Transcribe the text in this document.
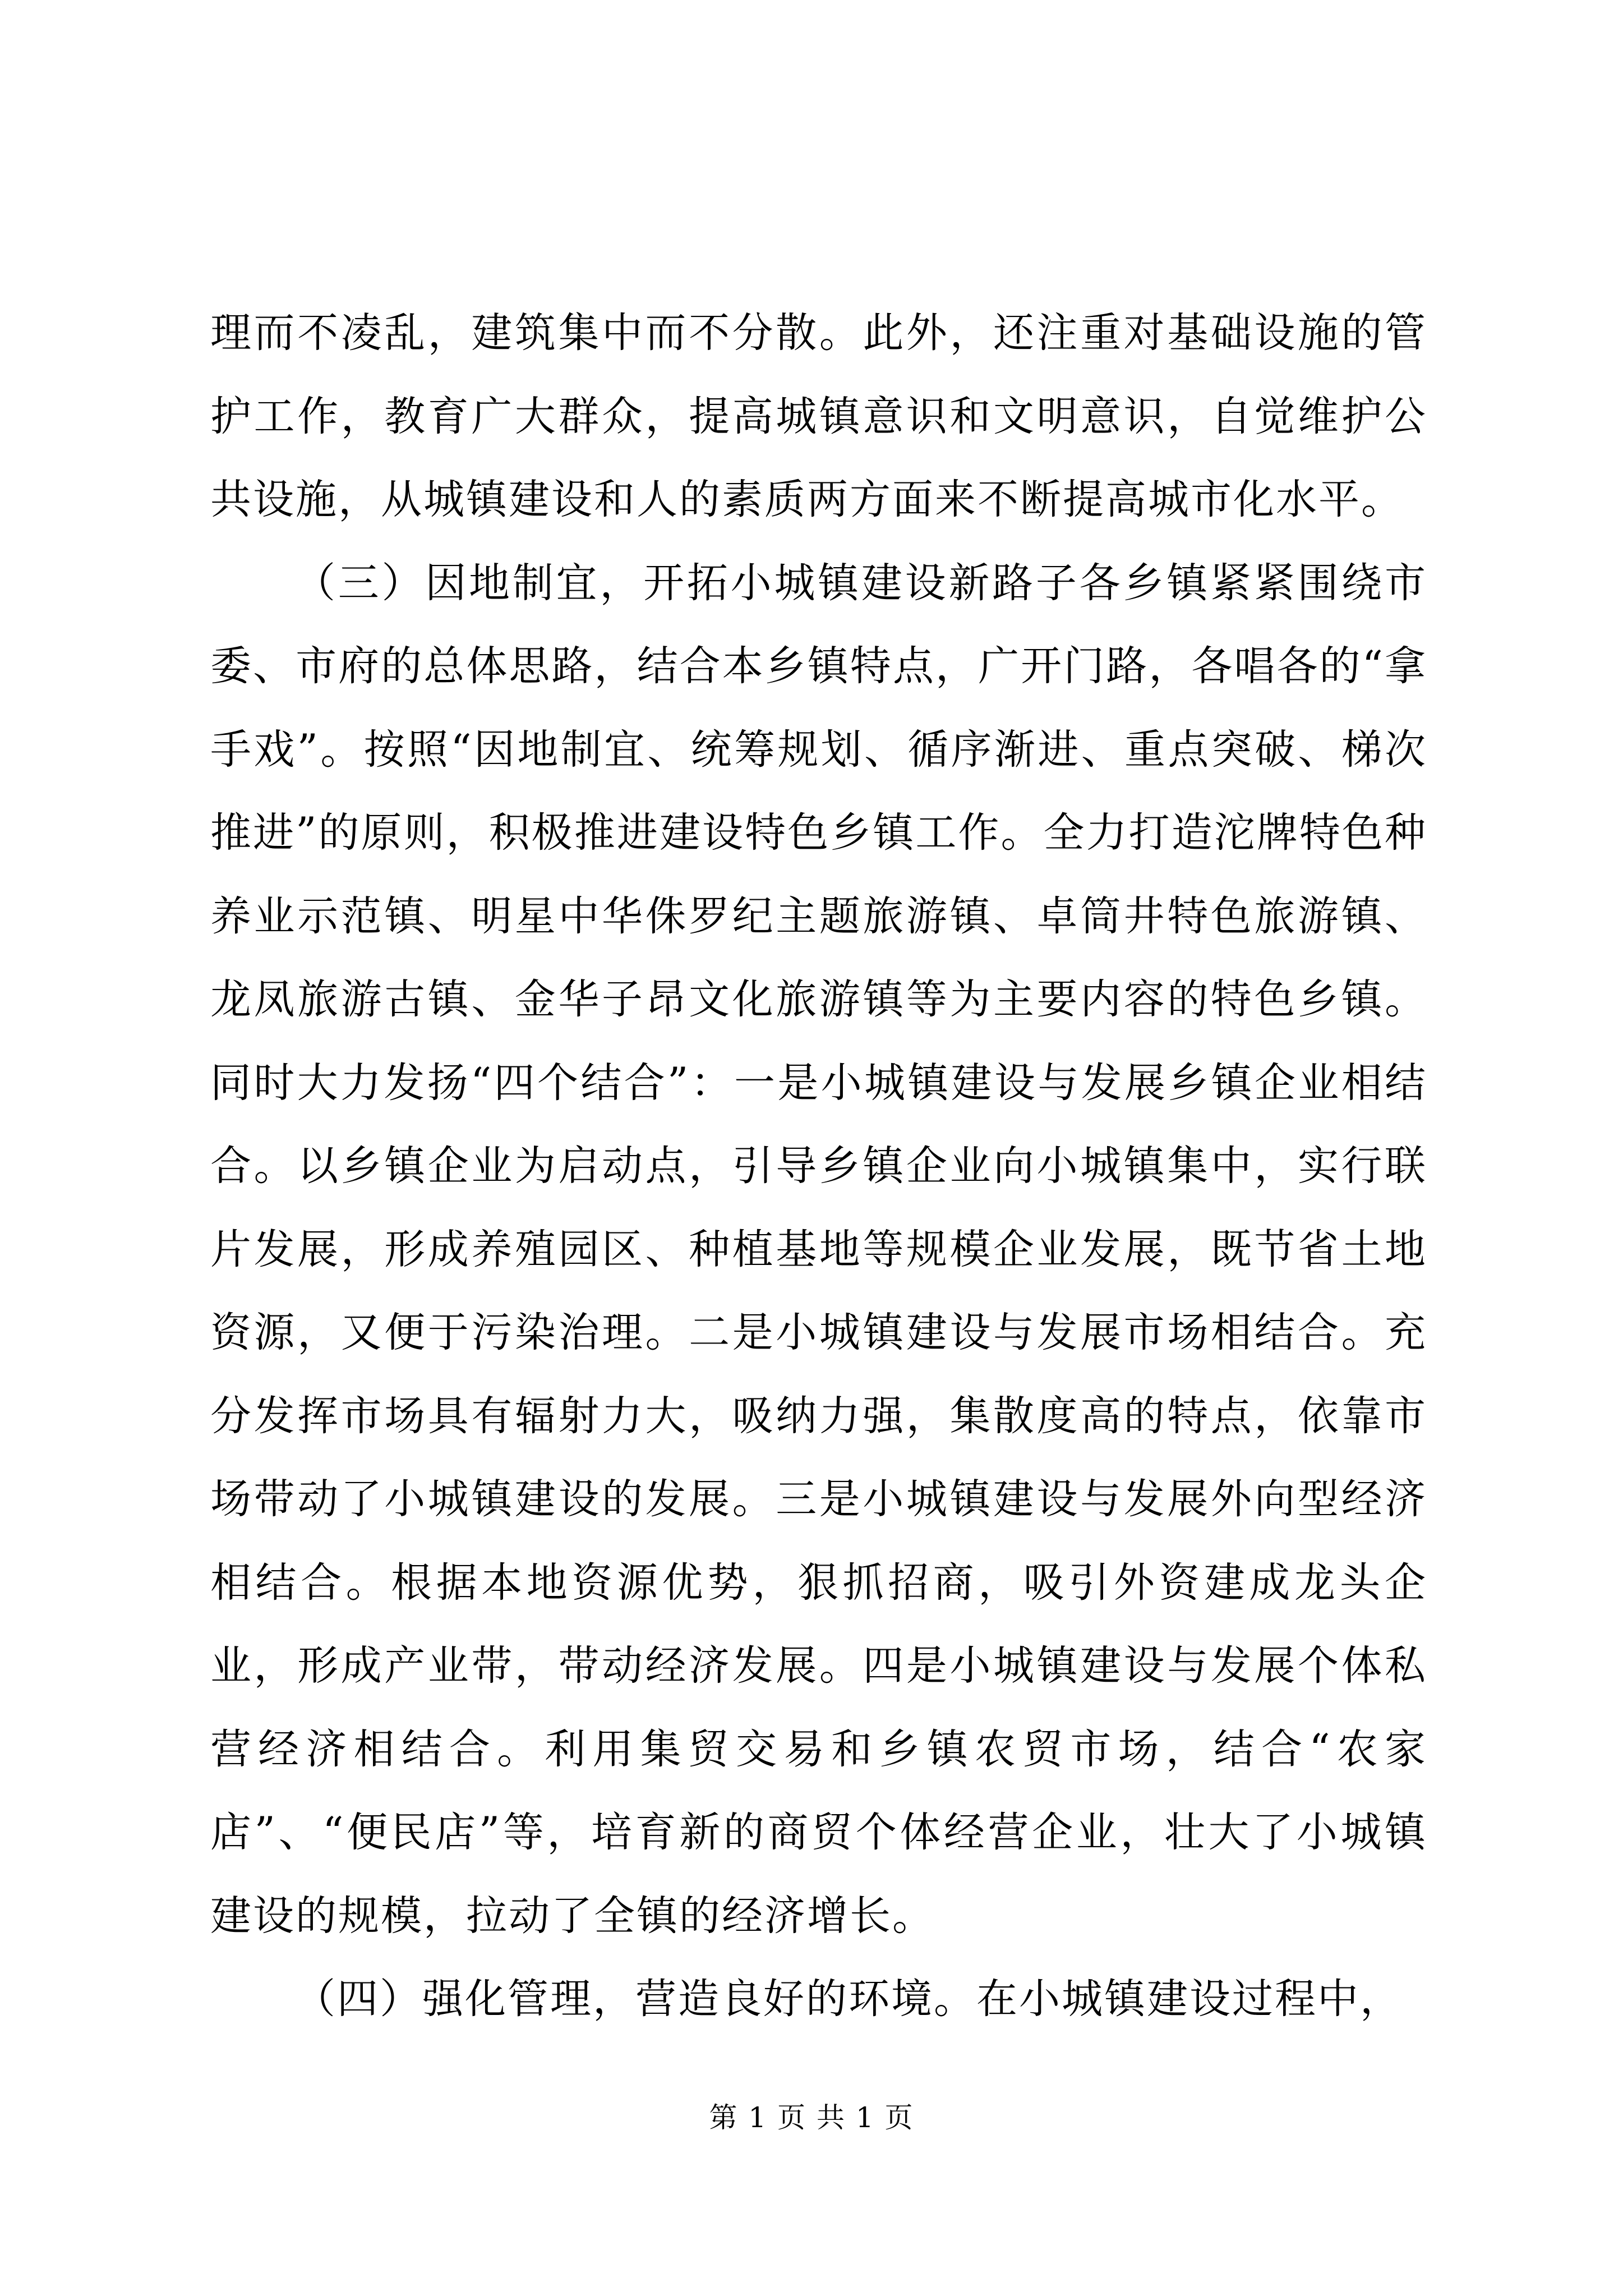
理而不凌乱，建筑集中而不分散。此外，还注重对基础设施的管护工作，教育广大群众，提高城镇意识和文明意识，自觉维护公共设施，从城镇建设和人的素质两方面来不断提高城市化水平。

（三）因地制宜，开拓小城镇建设新路子各乡镇紧紧围绕市委、市府的总体思路，结合本乡镇特点，广开门路，各唱各的“拿手戏”。按照“因地制宜、统筹规划、循序渐进、重点突破、梯次推进”的原则，积极推进建设特色乡镇工作。全力打造沱牌特色种养业示范镇、明星中华侏罗纪主题旅游镇、卓筒井特色旅游镇、龙凤旅游古镇、金华子昂文化旅游镇等为主要内容的特色乡镇。同时大力发扬“四个结合”：一是小城镇建设与发展乡镇企业相结合。以乡镇企业为启动点，引导乡镇企业向小城镇集中，实行联片发展，形成养殖园区、种植基地等规模企业发展，既节省土地资源，又便于污染治理。二是小城镇建设与发展市场相结合。充分发挥市场具有辐射力大，吸纳力强，集散度高的特点，依靠市场带动了小城镇建设的发展。三是小城镇建设与发展外向型经济相结合。根据本地资源优势，狠抓招商，吸引外资建成龙头企业，形成产业带，带动经济发展。四是小城镇建设与发展个体私营经济相结合。利用集贸交易和乡镇农贸市场，结合“农家店”、“便民店”等，培育新的商贸个体经营企业，壮大了小城镇建设的规模，拉动了全镇的经济增长。

（四）强化管理，营造良好的环境。在小城镇建设过程中，

第 1 页 共 1 页
